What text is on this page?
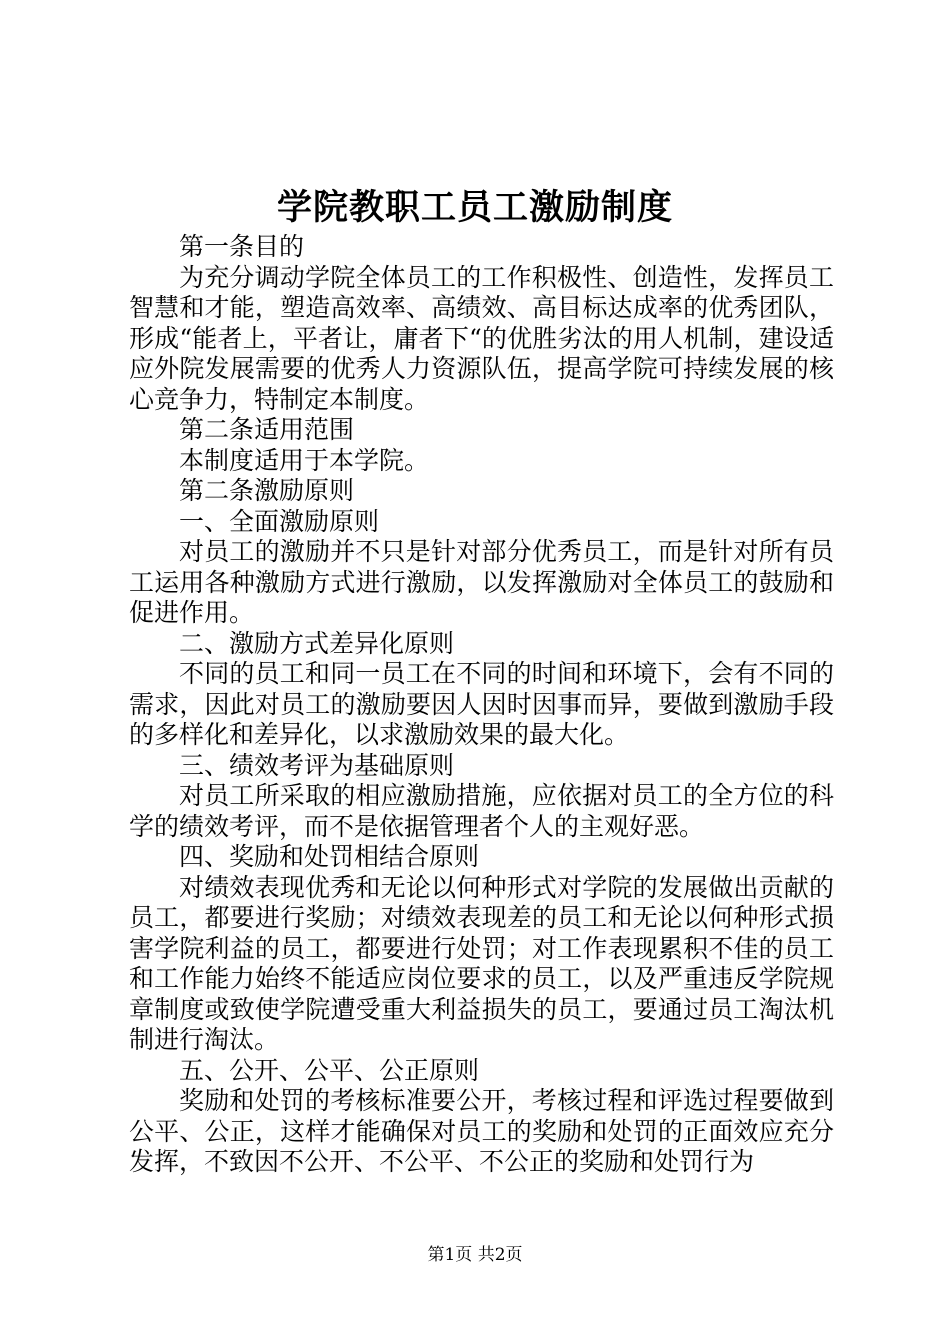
学院教职工员工激励制度

第一条目的

为充分调动学院全体员工的工作积极性、创造性，发挥员工智慧和才能，塑造高效率、高绩效、高目标达成率的优秀团队，形成“能者上，平者让，庸者下“的优胜劣汰的用人机制，建设适应外院发展需要的优秀人力资源队伍，提高学院可持续发展的核心竞争力，特制定本制度。

第二条适用范围

本制度适用于本学院。

第二条激励原则

一、全面激励原则

对员工的激励并不只是针对部分优秀员工，而是针对所有员工运用各种激励方式进行激励，以发挥激励对全体员工的鼓励和促进作用。

二、激励方式差异化原则

不同的员工和同一员工在不同的时间和环境下，会有不同的需求，因此对员工的激励要因人因时因事而异，要做到激励手段的多样化和差异化，以求激励效果的最大化。

三、绩效考评为基础原则

对员工所采取的相应激励措施，应依据对员工的全方位的科学的绩效考评，而不是依据管理者个人的主观好恶。

四、奖励和处罚相结合原则

对绩效表现优秀和无论以何种形式对学院的发展做出贡献的员工，都要进行奖励；对绩效表现差的员工和无论以何种形式损害学院利益的员工，都要进行处罚；对工作表现累积不佳的员工和工作能力始终不能适应岗位要求的员工，以及严重违反学院规章制度或致使学院遭受重大利益损失的员工，要通过员工淘汰机制进行淘汰。

五、公开、公平、公正原则

奖励和处罚的考核标准要公开，考核过程和评选过程要做到公平、公正，这样才能确保对员工的奖励和处罚的正面效应充分发挥，不致因不公开、不公平、不公正的奖励和处罚行为

第1页 共2页
